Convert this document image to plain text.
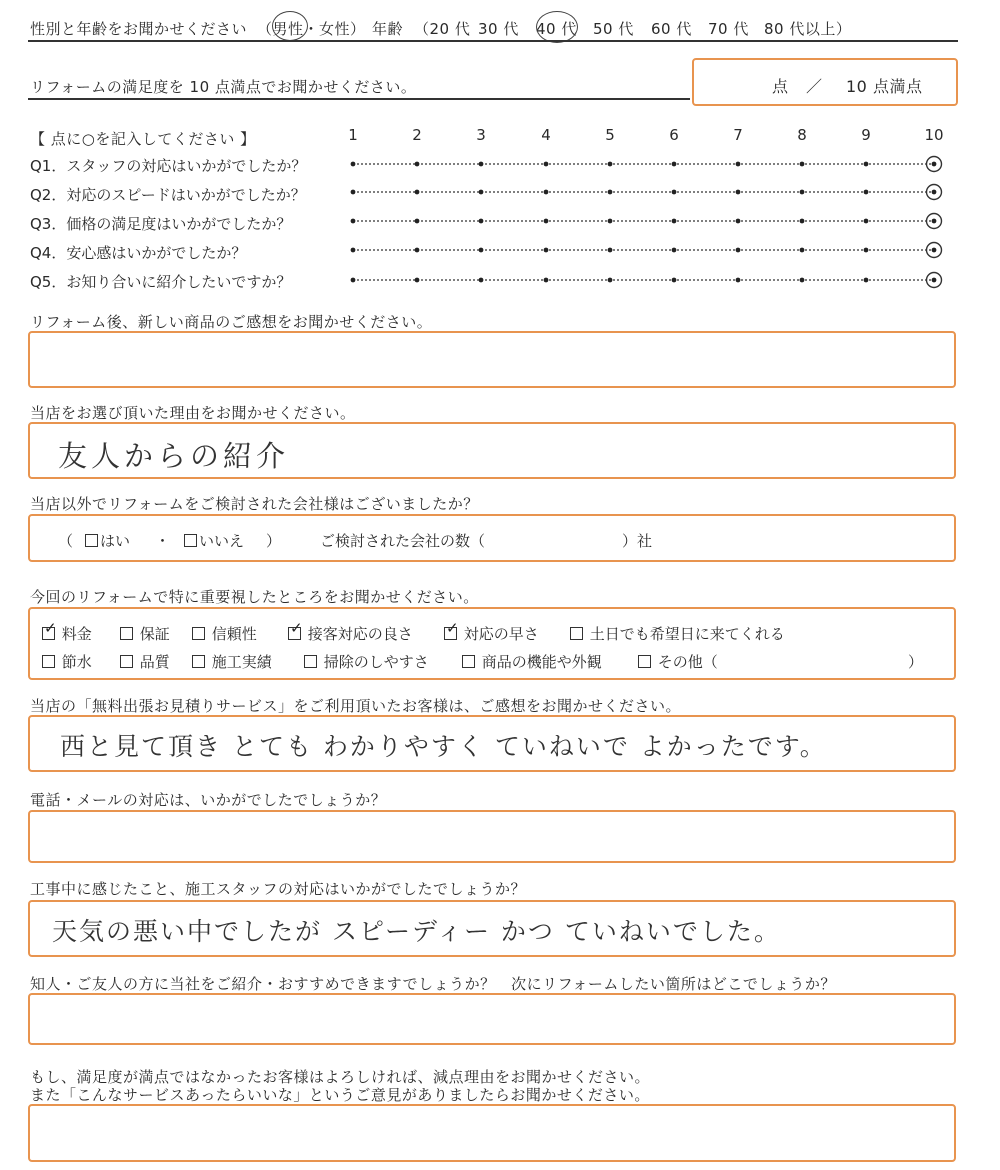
性別と年齢をお聞かせください （男性・女性） 年齢 （20 代 30 代 40 代 50 代 60 代 70 代 80 代以上）
リフォームの満足度を 10 点満点でお聞かせください。	点 ／ 10 点満点
【 点に○を記入してください 】	1	2	3	4	5	6	7	8	9	10
Q1．スタッフの対応はいかがでしたか？
Q2．対応のスピードはいかがでしたか？
Q3．価格の満足度はいかがでしたか？
Q4．安心感はいかがでしたか？
Q5．お知り合いに紹介したいですか？
リフォーム後、新しい商品のご感想をお聞かせください。
当店をお選び頂いた理由をお聞かせください。
友人からの紹介
当店以外でリフォームをご検討された会社様はございましたか？
（	はい ・	いいえ ）	ご検討された会社の数（	）社
今回のリフォームで特に重要視したところをお聞かせください。
✓ 料金	保証	信頼性 ✓ 接客対応の良さ ✓ 対応の早さ	土日でも希望日に来てくれる
節水	品質	施工実績	掃除のしやすさ	商品の機能や外観	その他（	）
当店の「無料出張お見積りサービス」をご利用頂いたお客様は、ご感想をお聞かせください。
西と見て頂き とても わかりやすく ていねいで よかったです。
電話・メールの対応は、いかがでしたでしょうか？
工事中に感じたこと、施工スタッフの対応はいかがでしたでしょうか？
天気の悪い中でしたが スピーディー かつ ていねいでした。
知人・ご友人の方に当社をご紹介・おすすめできますでしょうか？　次にリフォームしたい箇所はどこでしょうか？
もし、満足度が満点ではなかったお客様はよろしければ、減点理由をお聞かせください。
また「こんなサービスあったらいいな」というご意見がありましたらお聞かせください。
